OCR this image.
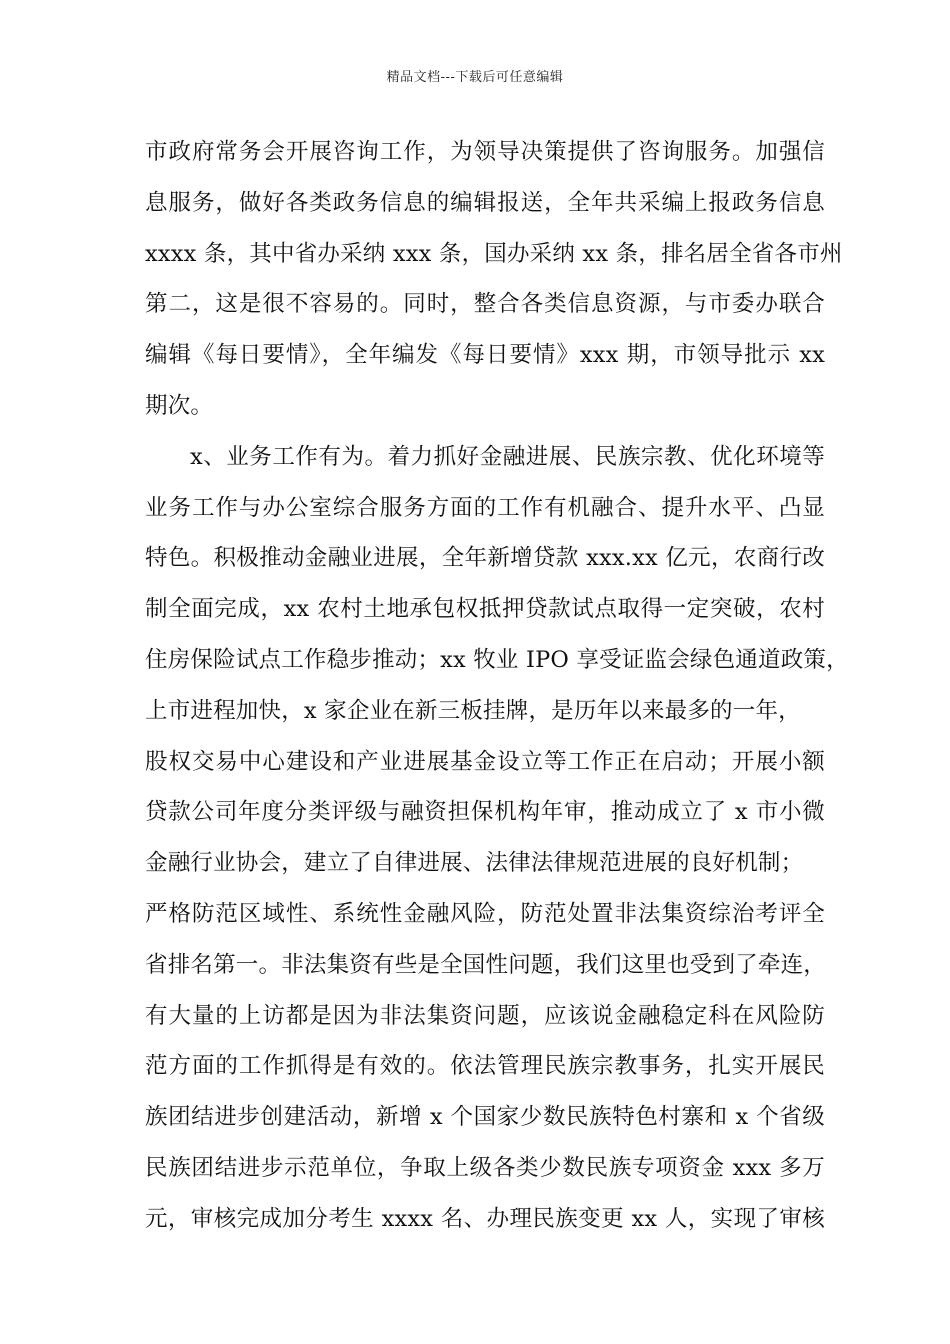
精品文档---下载后可任意编辑
市政府常务会开展咨询工作，为领导决策提供了咨询服务。加强信
息服务，做好各类政务信息的编辑报送，全年共采编上报政务信息
xxxx 条，其中省办采纳 xxx 条，国办采纳 xx 条，排名居全省各市州
第二，这是很不容易的。同时，整合各类信息资源，与市委办联合
编辑《每日要情》，全年编发《每日要情》xxx 期，市领导批示 xx
期次。
x、业务工作有为。着力抓好金融进展、民族宗教、优化环境等
业务工作与办公室综合服务方面的工作有机融合、提升水平、凸显
特色。积极推动金融业进展，全年新增贷款 xxx.xx 亿元，农商行改
制全面完成，xx 农村土地承包权抵押贷款试点取得一定突破，农村
住房保险试点工作稳步推动；xx 牧业 IPO 享受证监会绿色通道政策，
上市进程加快，x 家企业在新三板挂牌，是历年以来最多的一年，
股权交易中心建设和产业进展基金设立等工作正在启动；开展小额
贷款公司年度分类评级与融资担保机构年审，推动成立了 x 市小微
金融行业协会，建立了自律进展、法律法律规范进展的良好机制；
严格防范区域性、系统性金融风险，防范处置非法集资综治考评全
省排名第一。非法集资有些是全国性问题，我们这里也受到了牵连，
有大量的上访都是因为非法集资问题，应该说金融稳定科在风险防
范方面的工作抓得是有效的。依法管理民族宗教事务，扎实开展民
族团结进步创建活动，新增 x 个国家少数民族特色村寨和 x 个省级
民族团结进步示范单位，争取上级各类少数民族专项资金 xxx 多万
元，审核完成加分考生 xxxx 名、办理民族变更 xx 人，实现了审核
